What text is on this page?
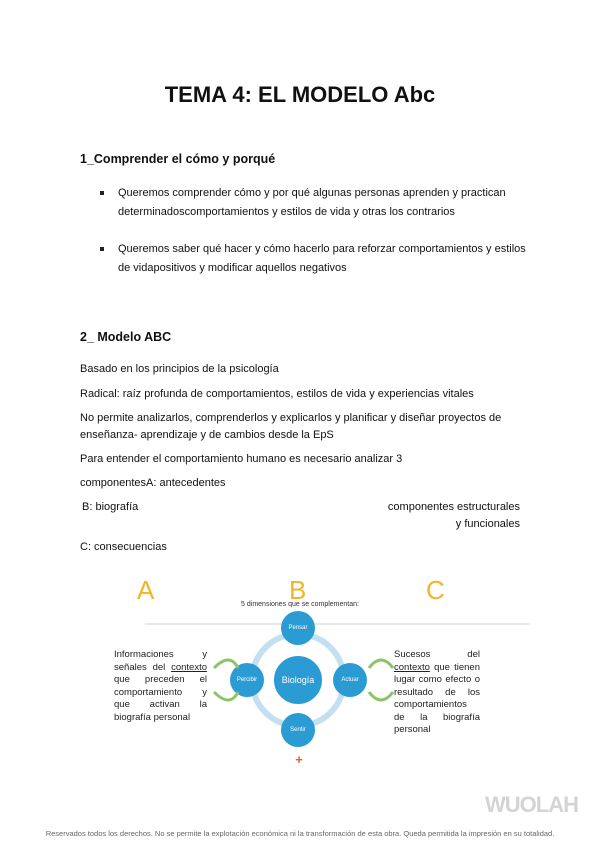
TEMA 4: EL MODELO Abc
1_Comprender el cómo y porqué
Queremos comprender cómo y por qué algunas personas aprenden y practican determinadoscomportamientos y estilos de vida y otras los contrarios
Queremos saber qué hacer y cómo hacerlo para reforzar comportamientos y estilos de vidapositivos y modificar aquellos negativos
2_ Modelo ABC
Basado en los principios de la psicología
Radical: raíz profunda de comportamientos, estilos de vida y experiencias vitales
No permite analizarlos, comprenderlos y explicarlos y planificar y diseñar proyectos de enseñanza- aprendizaje y de cambios desde la EpS
Para entender el comportamiento humano es necesario analizar 3
componentesA: antecedentes
B: biografía	componentes estructurales
y funcionales
C: consecuencias
A	B	C
5 dimensiones que se complementan:
Pensar
Percibir	Actuar
Sentir
Biología
+
Informaciones y señales del contexto que preceden el comportamiento y que activan la biografía personal
Sucesos del contexto que tienen lugar como efecto o resultado de los comportamientos de la biografía personal
WUOLAH
Reservados todos los derechos. No se permite la explotación económica ni la transformación de esta obra. Queda permitida la impresión en su totalidad.
